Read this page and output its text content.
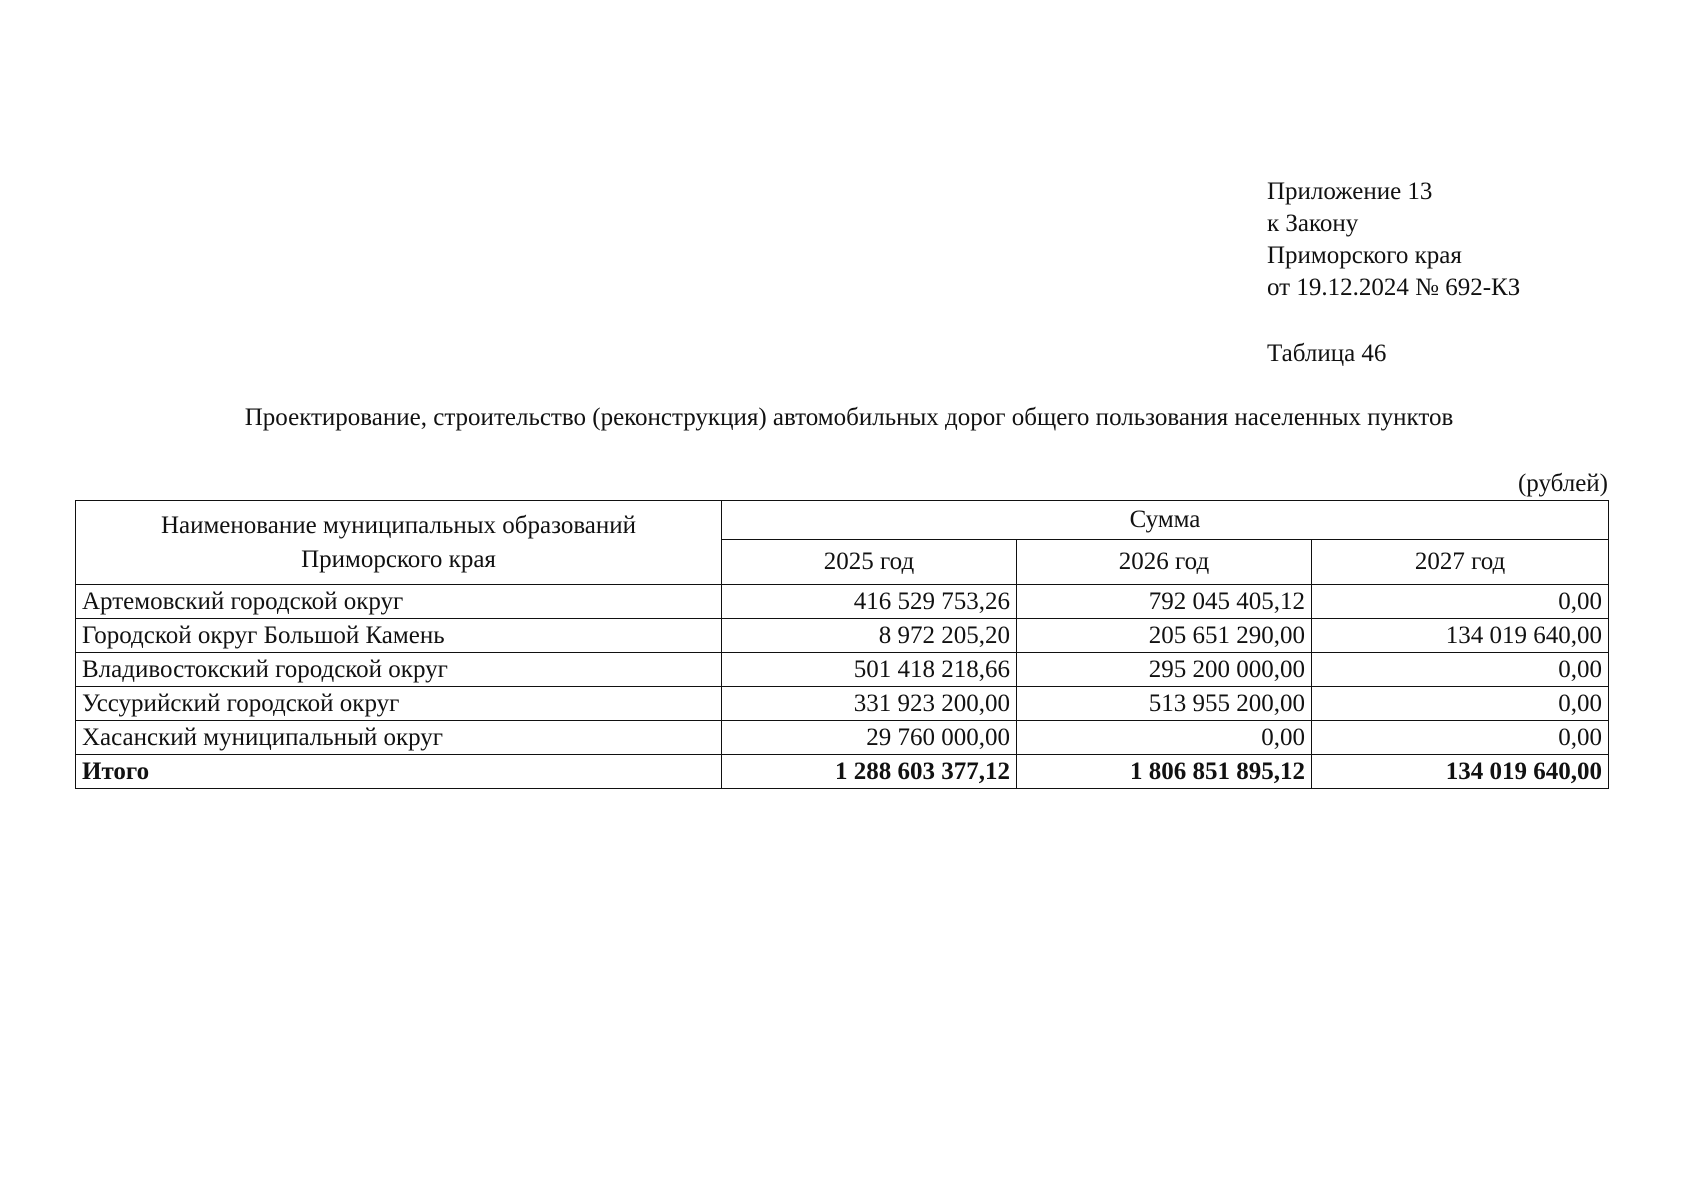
Приложение 13
к Закону
Приморского края
от 19.12.2024 № 692-КЗ
Таблица 46
Проектирование, строительство (реконструкция) автомобильных дорог общего пользования населенных пунктов
(рублей)
Наименование муниципальных образований
Приморского края	Сумма		
	2025 год	2026 год	2027 год
Артемовский городской округ	416 529 753,26	792 045 405,12	0,00
Городской округ Большой Камень	8 972 205,20	205 651 290,00	134 019 640,00
Владивостокский городской округ	501 418 218,66	295 200 000,00	0,00
Уссурийский городской округ	331 923 200,00	513 955 200,00	0,00
Хасанский муниципальный округ	29 760 000,00	0,00	0,00
Итого	1 288 603 377,12	1 806 851 895,12	134 019 640,00
